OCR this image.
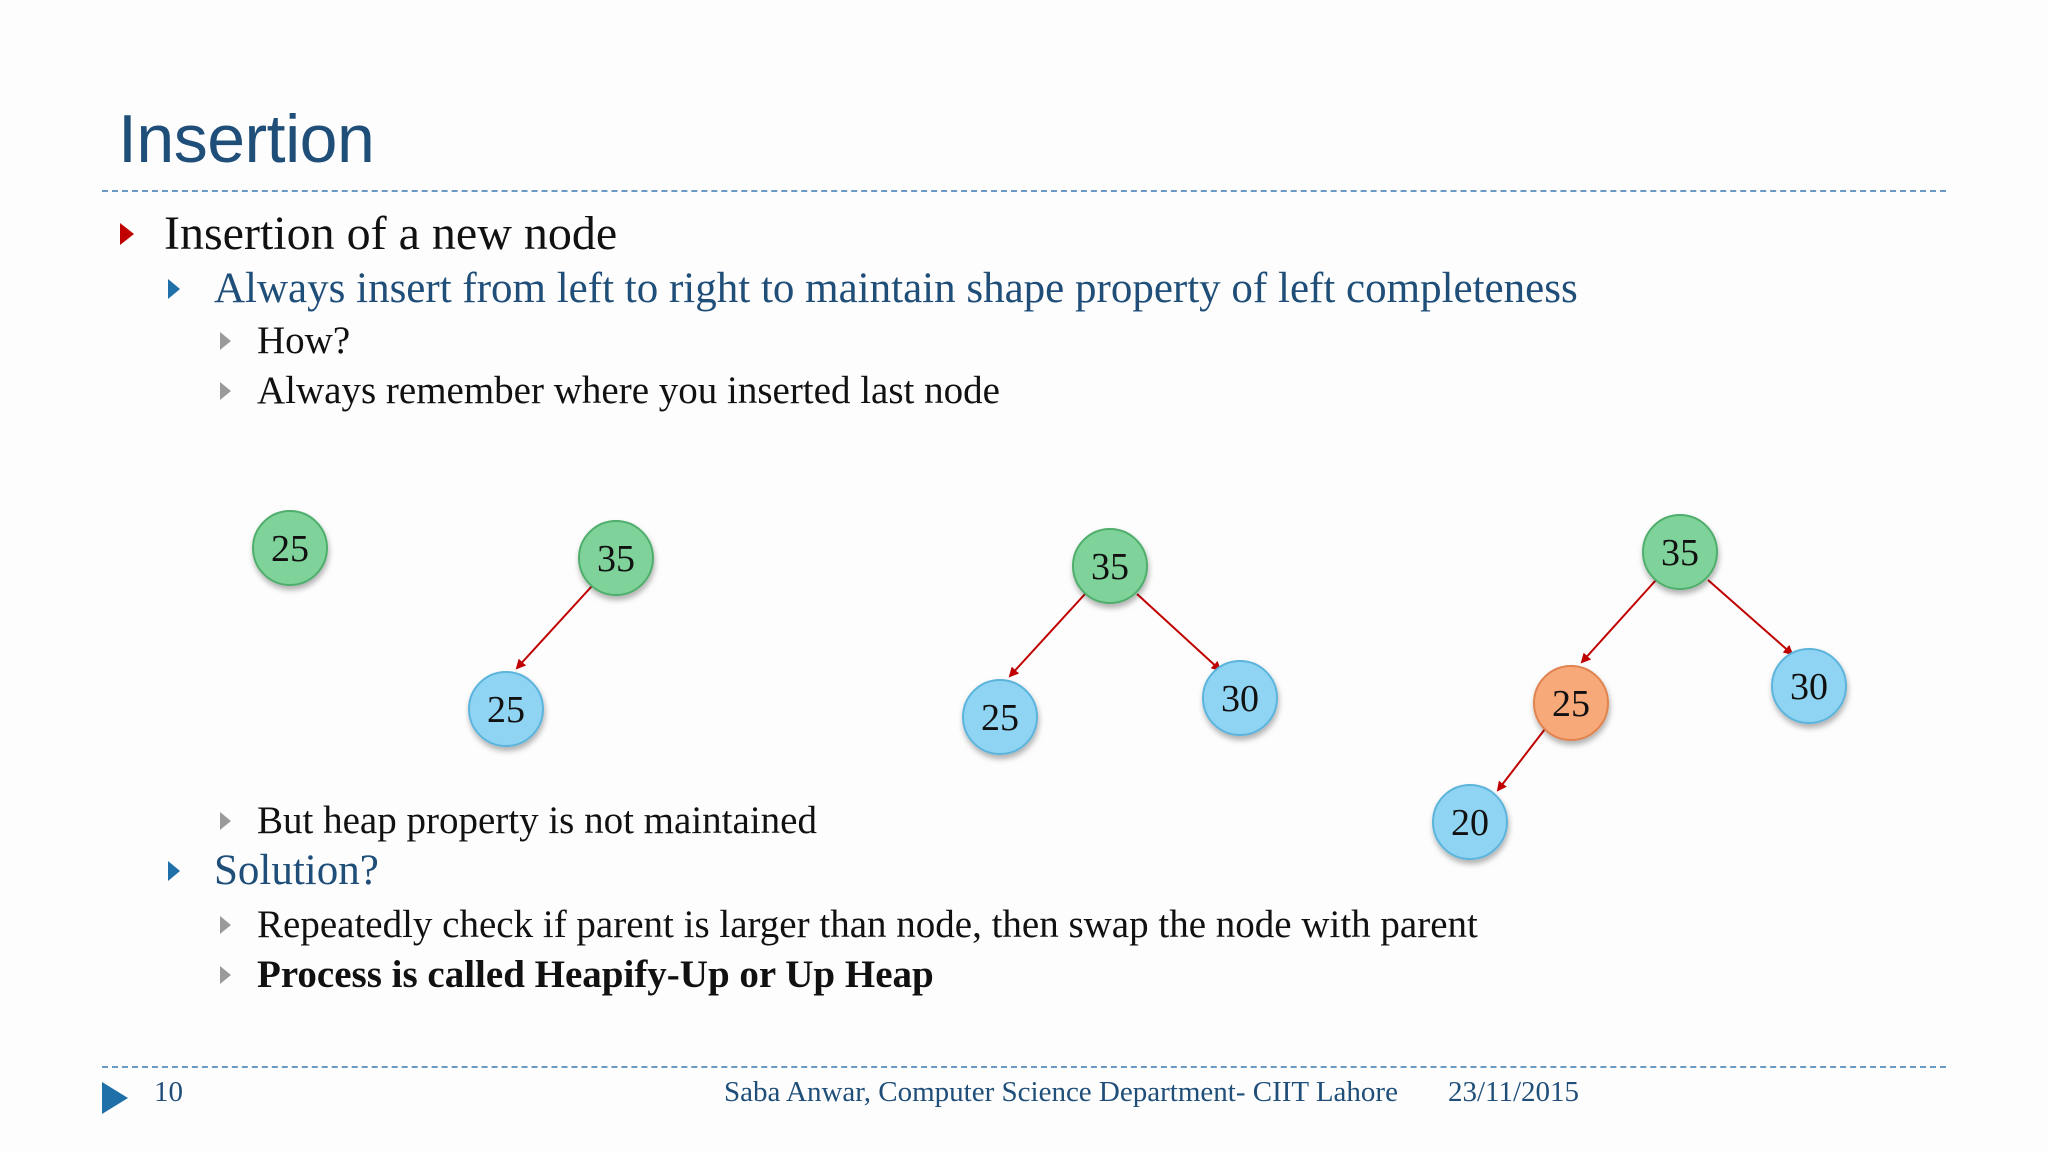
Insertion
Insertion of a new node
Always insert from left to right to maintain shape property of left completeness
How?
Always remember where you inserted last node
25	35
25
35
25	30
35
25	30
20
But heap property is not maintained
Solution?
Repeatedly check if parent is larger than node, then swap the node with parent
Process is called Heapify-Up or Up Heap
10	Saba Anwar, Computer Science Department- CIIT Lahore 23/11/2015
